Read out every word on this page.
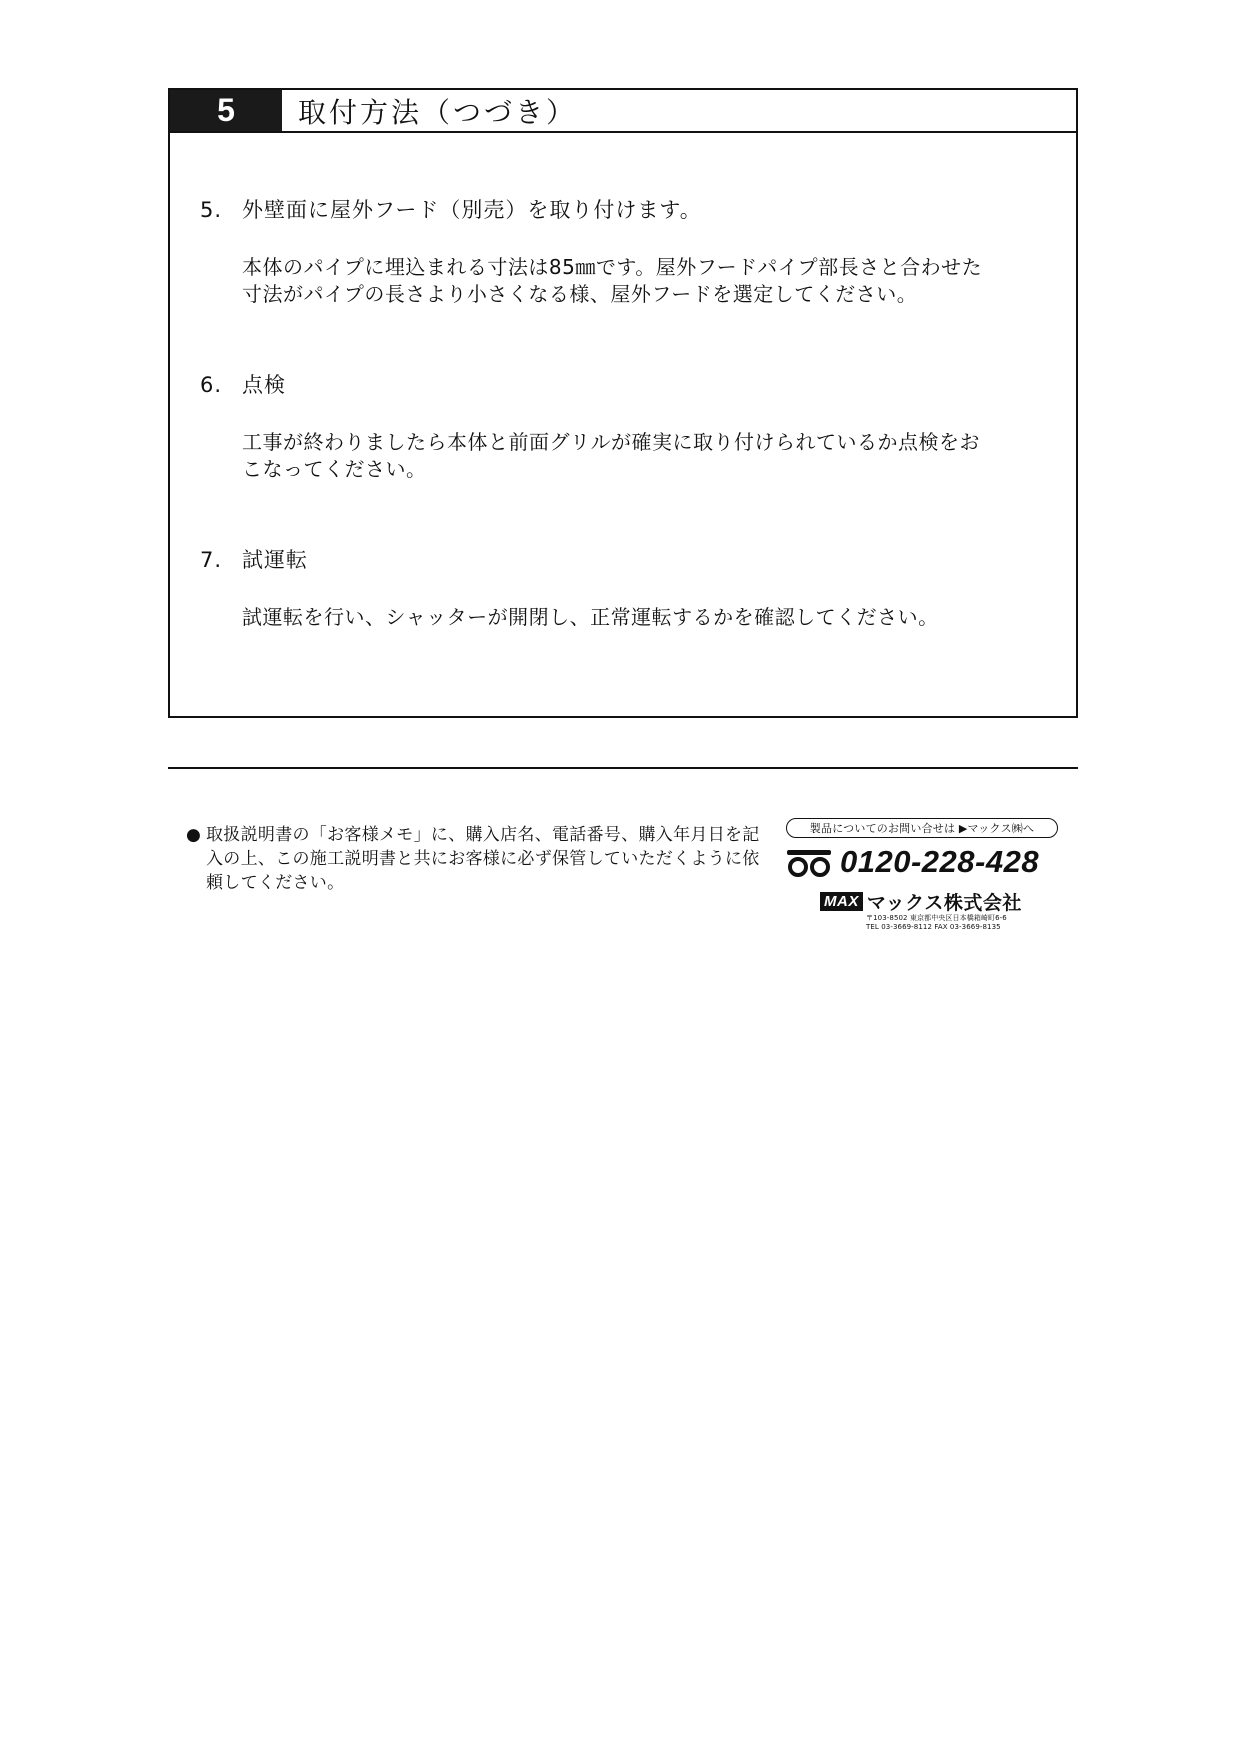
5	取付方法（つづき）
5. 外壁面に屋外フード（別売）を取り付けます。
本体のパイプに埋込まれる寸法は85㎜です。屋外フードパイプ部長さと合わせた
寸法がパイプの長さより小さくなる様、屋外フードを選定してください。
6. 点検
工事が終わりましたら本体と前面グリルが確実に取り付けられているか点検をお
こなってください。
7. 試運転
試運転を行い、シャッターが開閉し、正常運転するかを確認してください。
● 取扱説明書の「お客様メモ」に、購入店名、電話番号、購入年月日を記入の上、この施工説明書と共にお客様に必ず保管していただくように依頼してください。
製品についてのお問い合せは ▶マックス㈱へ
0120-228-428
MAX マックス株式会社
〒103-8502 東京都中央区日本橋箱崎町6-6
TEL 03-3669-8112 FAX 03-3669-8135
